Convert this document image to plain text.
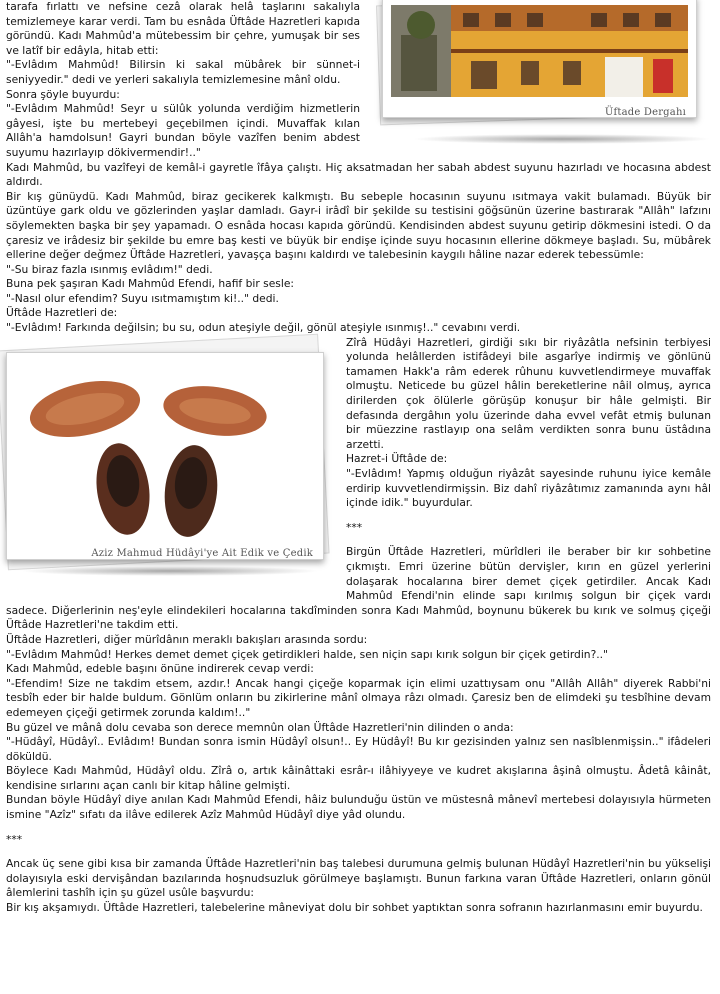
Üftade Dergahı

tarafa fırlattı ve nefsine cezâ olarak helâ taşlarını sakalıyla temizlemeye karar verdi. Tam bu esnâda Üftâde Hazretleri kapıda göründü. Kadı Mahmûd'a mütebessim bir çehre, yumuşak bir ses ve latîf bir edâyla, hitab etti:

"-Evlâdım Mahmûd! Bilirsin ki sakal mübârek bir sünnet-i seniyyedir." dedi ve yerleri sakalıyla temizlemesine mânî oldu.

Sonra şöyle buyurdu:

"-Evlâdım Mahmûd! Seyr u sülûk yolunda verdiğim hizmetlerin gâyesi, işte bu mertebeyi geçebilmen içindi. Muvaffak kılan Allâh'a hamdolsun! Gayri bundan böyle vazîfen benim abdest suyumu hazırlayıp dökivermendir!.."

Kadı Mahmûd, bu vazîfeyi de kemâl-i gayretle îfâya çalıştı. Hiç aksatmadan her sabah abdest suyunu hazırladı ve hocasına abdest aldırdı.

Bir kış günüydü. Kadı Mahmûd, biraz gecikerek kalkmıştı. Bu sebeple hocasının suyunu ısıtmaya vakit bulamadı. Büyük bir üzüntüye gark oldu ve gözlerinden yaşlar damladı. Gayr-i irâdî bir şekilde su testisini göğsünün üzerine bastırarak "Allâh" lafzını söylemekten başka bir şey yapamadı. O esnâda hocası kapıda göründü. Kendisinden abdest suyunu getirip dökmesini istedi. O da çaresiz ve irâdesiz bir şekilde bu emre baş kesti ve büyük bir endişe içinde suyu hocasının ellerine dökmeye başladı. Su, mübârek ellerine değer değmez Üftâde Hazretleri, yavaşça başını kaldırdı ve talebesinin kaygılı hâline nazar ederek tebessümle:

"-Su biraz fazla ısınmış evlâdım!" dedi.

Buna pek şaşıran Kadı Mahmûd Efendi, hafif bir sesle:

"-Nasıl olur efendim? Suyu ısıtmamıştım ki!.." dedi.

Üftâde Hazretleri de:

"-Evlâdım! Farkında değilsin; bu su, odun ateşiyle değil, gönül ateşiyle ısınmış!.." cevabını verdi.

Aziz Mahmud Hüdâyi'ye Ait Edik ve Çedik

Zîrâ Hüdâyi Hazretleri, girdiği sıkı bir riyâzâtla nefsinin terbiyesi yolunda helâllerden istifâdeyi bile asgarîye indirmiş ve gönlünü tamamen Hakk'a râm ederek rûhunu kuvvetlendirmeye muvaffak olmuştu. Neticede bu güzel hâlin bereketlerine nâil olmuş, ayrıca dirilerden çok ölülerle görüşüp konuşur bir hâle gelmişti. Bir defasında dergâhın yolu üzerinde daha evvel vefât etmiş bulunan bir müezzine rastlayıp ona selâm verdikten sonra bunu üstâdına arzetti.

Hazret-i Üftâde de:

"-Evlâdım! Yapmış olduğun riyâzât sayesinde ruhunu iyice kemâle erdirip kuvvetlendirmişsin. Biz dahî riyâzâtımız zamanında aynı hâl içinde idik." buyurdular.

***

Birgün Üftâde Hazretleri, mürîdleri ile beraber bir kır sohbetine çıkmıştı. Emri üzerine bütün dervişler, kırın en güzel yerlerini dolaşarak hocalarına birer demet çiçek getirdiler. Ancak Kadı Mahmûd Efendi'nin elinde sapı kırılmış solgun bir çiçek vardı sadece. Diğerlerinin neş'eyle elindekileri hocalarına takdîminden sonra Kadı Mahmûd, boynunu bükerek bu kırık ve solmuş çiçeği Üftâde Hazretleri'ne takdim etti.

Üftâde Hazretleri, diğer mürîdânın meraklı bakışları arasında sordu:

"-Evlâdım Mahmûd! Herkes demet demet çiçek getirdikleri halde, sen niçin sapı kırık solgun bir çiçek getirdin?.."

Kadı Mahmûd, edeble başını önüne indirerek cevap verdi:

"-Efendim! Size ne takdim etsem, azdır.! Ancak hangi çiçeğe koparmak için elimi uzattıysam onu "Allâh Allâh" diyerek Rabbi'ni tesbîh eder bir halde buldum. Gönlüm onların bu zikirlerine mânî olmaya râzı olmadı. Çaresiz ben de elimdeki şu tesbîhine devam edemeyen çiçeği getirmek zorunda kaldım!.."

Bu güzel ve mânâ dolu cevaba son derece memnûn olan Üftâde Hazretleri'nin dilinden o anda:

"-Hüdâyî, Hüdâyî.. Evlâdım! Bundan sonra ismin Hüdâyî olsun!.. Ey Hüdâyî! Bu kır gezisinden yalnız sen nasîblenmişsin.." ifâdeleri döküldü.

Böylece Kadı Mahmûd, Hüdâyî oldu. Zîrâ o, artık kâinâttaki esrâr-ı ilâhiyyeye ve kudret akışlarına âşinâ olmuştu. Âdetâ kâinât, kendisine sırlarını açan canlı bir kitap hâline gelmişti.

Bundan böyle Hüdâyî diye anılan Kadı Mahmûd Efendi, hâiz bulunduğu üstün ve müstesnâ mânevî mertebesi dolayısıyla hürmeten ismine "Azîz" sıfatı da ilâve edilerek Azîz Mahmûd Hüdâyî diye yâd olundu.

***

Ancak üç sene gibi kısa bir zamanda Üftâde Hazretleri'nin baş talebesi durumuna gelmiş bulunan Hüdâyî Hazretleri'nin bu yükselişi dolayısıyla eski dervişândan bazılarında hoşnudsuzluk görülmeye başlamıştı. Bunun farkına varan Üftâde Hazretleri, onların gönül âlemlerini tashîh için şu güzel usûle başvurdu:

Bir kış akşamıydı. Üftâde Hazretleri, talebelerine mâneviyat dolu bir sohbet yaptıktan sonra sofranın hazırlanmasını emir buyurdu.
